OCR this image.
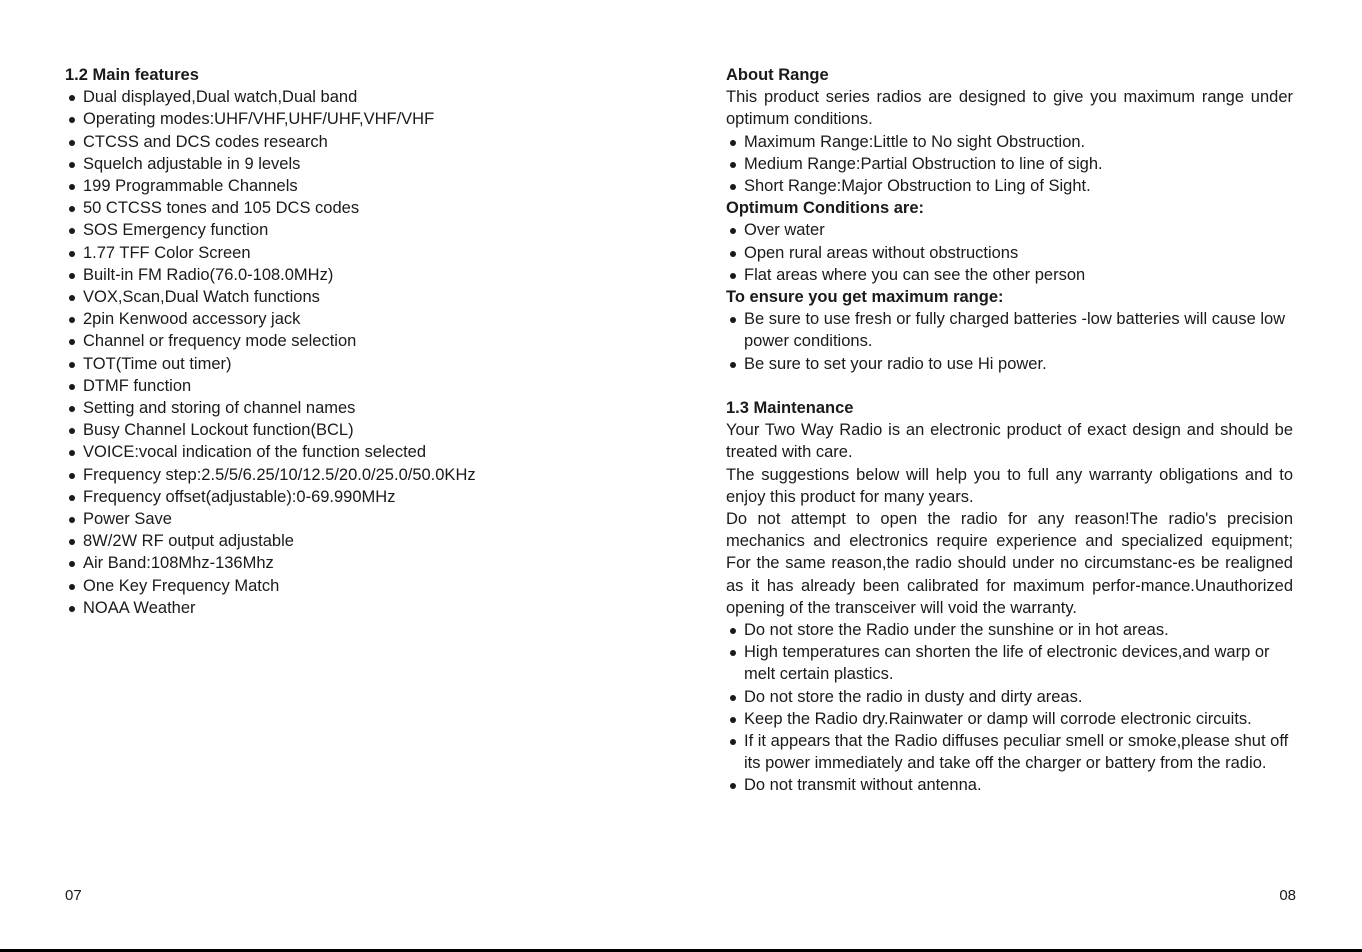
1.2 Main features

Dual displayed,Dual watch,Dual band
Operating modes:UHF/VHF,UHF/UHF,VHF/VHF
CTCSS and DCS codes research
Squelch adjustable in 9 levels
199 Programmable Channels
50 CTCSS tones and 105 DCS codes
SOS Emergency function
1.77 TFF Color Screen
Built-in FM Radio(76.0-108.0MHz)
VOX,Scan,Dual Watch functions
2pin Kenwood accessory jack
Channel or frequency mode selection
TOT(Time out timer)
DTMF function
Setting and storing of channel names
Busy Channel Lockout function(BCL)
VOICE:vocal indication of the function selected
Frequency step:2.5/5/6.25/10/12.5/20.0/25.0/50.0KHz
Frequency offset(adjustable):0-69.990MHz
Power Save
8W/2W RF output adjustable
Air Band:108Mhz-136Mhz
One Key Frequency Match
NOAA Weather
07

About Range

This product series radios are designed to give you maximum range under optimum conditions.

Maximum Range:Little to No sight Obstruction.
Medium Range:Partial Obstruction to line of sigh.
Short Range:Major Obstruction to Ling of Sight.

Optimum Conditions are:

Over water
Open rural areas without obstructions
Flat areas where you can see the other person

To ensure you get maximum range:

Be sure to use fresh or fully charged batteries -low batteries will cause low power conditions.
Be sure to set your radio to use Hi power.

1.3 Maintenance

Your Two Way Radio is an electronic product of exact design and should be treated with care.

The suggestions below will help you to full any warranty obligations and to enjoy this product for many years.

Do not attempt to open the radio for any reason!The radio's precision mechanics and electronics require experience and specialized equipment; For the same reason,the radio should under no circumstanc-es be realigned as it has already been calibrated for maximum perfor-mance.Unauthorized opening of the transceiver will void the warranty.

Do not store the Radio under the sunshine or in hot areas.
High temperatures can shorten the life of electronic devices,and warp or melt certain plastics.
Do not store the radio in dusty and dirty areas.
Keep the Radio dry.Rainwater or damp will corrode electronic circuits.
If it appears that the Radio diffuses peculiar smell or smoke,please shut off its power immediately and take off the charger or battery from the radio.
Do not transmit without antenna.
08
